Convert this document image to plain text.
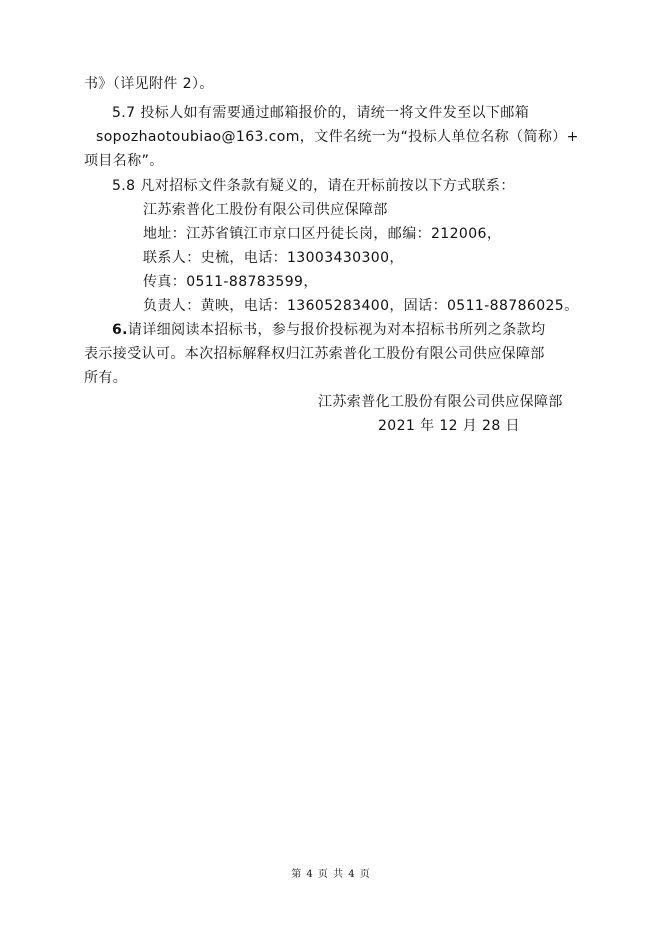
书》（详见附件 2）。
5.7 投标人如有需要通过邮箱报价的，请统一将文件发至以下邮箱
sopozhaotoubiao@163.com，文件名统一为“投标人单位名称（简称）+
项目名称”。
5.8 凡对招标文件条款有疑义的，请在开标前按以下方式联系：
江苏索普化工股份有限公司供应保障部
地址：江苏省镇江市京口区丹徒长岗，邮编：212006，
联系人：史梳，电话：13003430300，
传真：0511-88783599，
负责人：黄映，电话：13605283400，固话：0511-88786025。
6.请详细阅读本招标书，参与报价投标视为对本招标书所列之条款均
表示接受认可。本次招标解释权归江苏索普化工股份有限公司供应保障部
所有。
江苏索普化工股份有限公司供应保障部
2021 年 12 月 28 日
第 4 页 共 4 页
